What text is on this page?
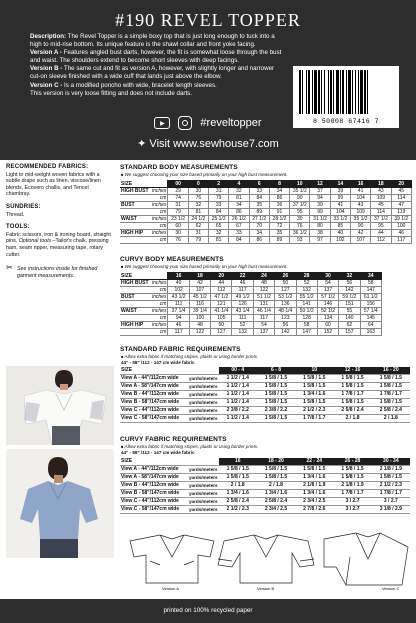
#190 REVEL TOPPER
Description: The Revel Topper is a simple boxy top that is just long enough to tuck into a high to mid-rise bottom. Its unique feature is the shawl collar and front yoke facing.
Version A - Features angled bust darts, however, the fit is somewhat loose through the bust and waist. The shoulders extend to become short sleeves with deep facings.
Version B - The same cut and fit as version A, however, with slightly longer and narrower cut-on sleeve finished with a wide cuff that lands just above the elbow.
Version C - Is a modified poncho with wide, bracelet length sleeves.
This version is very loose fitting and does not include darts.
8 50008 67416 7
▶	#reveltopper
✦ Visit www.sewhouse7.com
RECOMMENDED FABRICS:
Light to mid-weight woven fabrics with a subtle drape such as linen, viscose/linen blends, Ecovero challis, and Tencel chambray.
SUNDRIES:
Thread.
TOOLS:
Fabric scissors, iron & ironing board, straight pins. Optional tools –Tailor's chalk, pressing ham, seam ripper, measuring tape, rotary cutter.
✂ See instructions inside for finished garment measurements.
STANDARD BODY MEASUREMENTS
■ We suggest choosing your size based primarily on your high bust measurement.
SIZE		00	0	2	4	6	8	10	12	14	16	18	20
HIGH BUST	inches	29	30	31	32	33	34	35 1/2	37	39	41	43	45
	cm	74	76	79	81	84	86	90	94	99	104	109	114
BUST	inches	31	32	33	34	35	36	37 1/2	39	41	43	45	47
	cm	79	81	84	86	89	91	95	99	104	109	114	119
WAIST	inches	23 1/2	24 1/2	25 1/2	26 1/2	27 1/2	28 1/2	30	31 1/2	33 1/2	35 1/2	37 1/2	39 1/2
	cm	60	62	65	67	70	72	76	80	85	90	95	100
HIGH HIP	inches	30	31	32	33	34	35	36 1/2	38	40	42	44	46
	cm	76	79	81	84	86	89	93	97	102	107	112	117
CURVY BODY MEASUREMENTS
■ We suggest choosing your size based primarily on your high bust measurement.
SIZE		16	18	20	22	24	26	28	30	32	34
HIGH BUST	inches	40	42	44	46	48	50	52	54	56	58
	cm	102	107	112	117	122	127	132	137	142	147
BUST	inches	43 1/2	45 1/2	47 1/2	49 1/2	51 1/2	53 1/2	55 1/2	57 1/2	59 1/2	61 1/2
	cm	111	116	121	126	131	136	141	146	151	156
WAIST	inches	37 1/4	39 1/4	41 1/4	43 1/4	46 1/4	48 1/4	50 1/2	52 1/2	55	57 1/4
	cm	94	100	105	111	117	123	128	134	140	145
HIGH HIP	inches	46	48	50	52	54	56	58	60	62	64
	cm	117	122	127	132	137	142	147	152	157	163
STANDARD FABRIC REQUIREMENTS
■ Allow extra fabric if matching stripes, plaids or using border prints.
44" - 58" /112 - 147 cm wide fabric
SIZE		00 - 4	6 - 8	10	12 - 16	16 - 20
View A - 44"/112cm wide	yards/meters	1 1/2 / 1.4	1 5/8 / 1.5	1 5/8 / 1.5	1 5/8 / 1.5	1 5/8 / 1.5
View A - 58"/147cm wide	yards/meters	1 1/2 / 1.4	1 5/8 / 1.5	1 5/8 / 1.5	1 5/8 / 1.5	1 5/8 / 1.5
View B - 44"/112cm wide	yards/meters	1 1/2 / 1.4	1 5/8 / 1.5	1 3/4 / 1.6	1 7/8 / 1.7	1 7/8 / 1.7
View B - 58"/147cm wide	yards/meters	1 1/2 / 1.4	1 5/8 / 1.5	1 5/8 / 1.5	1 5/8 / 1.5	1 5/8 / 1.5
View C - 44"/112cm wide	yards/meters	2 3/8 / 2.2	2 3/8 / 2.2	2 1/2 / 2.3	2 5/8 / 2.4	2 5/8 / 2.4
View C - 58"/147cm wide	yards/meters	1 1/2 / 1.4	1 5/8 / 1.5	1 7/8 / 1.7	2 / 1.8	2 / 1.8
CURVY FABRIC REQUIREMENTS
■ Allow extra fabric if matching stripes, plaids or using border prints.
44" - 58" /112 - 147 cm wide fabric
SIZE		16	18 - 20	22 - 24	26 - 28	30 - 34
View A - 44"/112cm wide	yards/meters	1 5/8 / 1.5	1 5/8 / 1.5	1 5/8 / 1.5	1 5/8 / 1.5	2 1/8 / 1.9
View A - 58"/147cm wide	yards/meters	1 5/8 / 1.5	1 5/8 / 1.5	1 3/4 / 1.6	1 5/8 / 1.5	1 5/8 / 1.5
View B - 44"/112cm wide	yards/meters	2 / 1.8	2 / 1.8	2 1/8 / 1.9	2 1/8 / 1.9	2 1/2 / 2.3
View B - 58"/147cm wide	yards/meters	1 3/4 / 1.6	1 3/4 / 1.6	1 3/4 / 1.6	1 7/8 / 1.7	1 7/8 / 1.7
View C - 44"/112cm wide	yards/meters	2 5/8 / 2.4	2 5/8 / 2.4	2 3/4 / 2.5	3 / 2.7	3 / 2.7
View C - 58"/147cm wide	yards/meters	2 1/2 / 2.3	2 3/4 / 2.5	2 7/8 / 2.6	3 / 2.7	3 1/8 / 2.9
Version A	Version B	Version C
printed on 100% recycled paper
